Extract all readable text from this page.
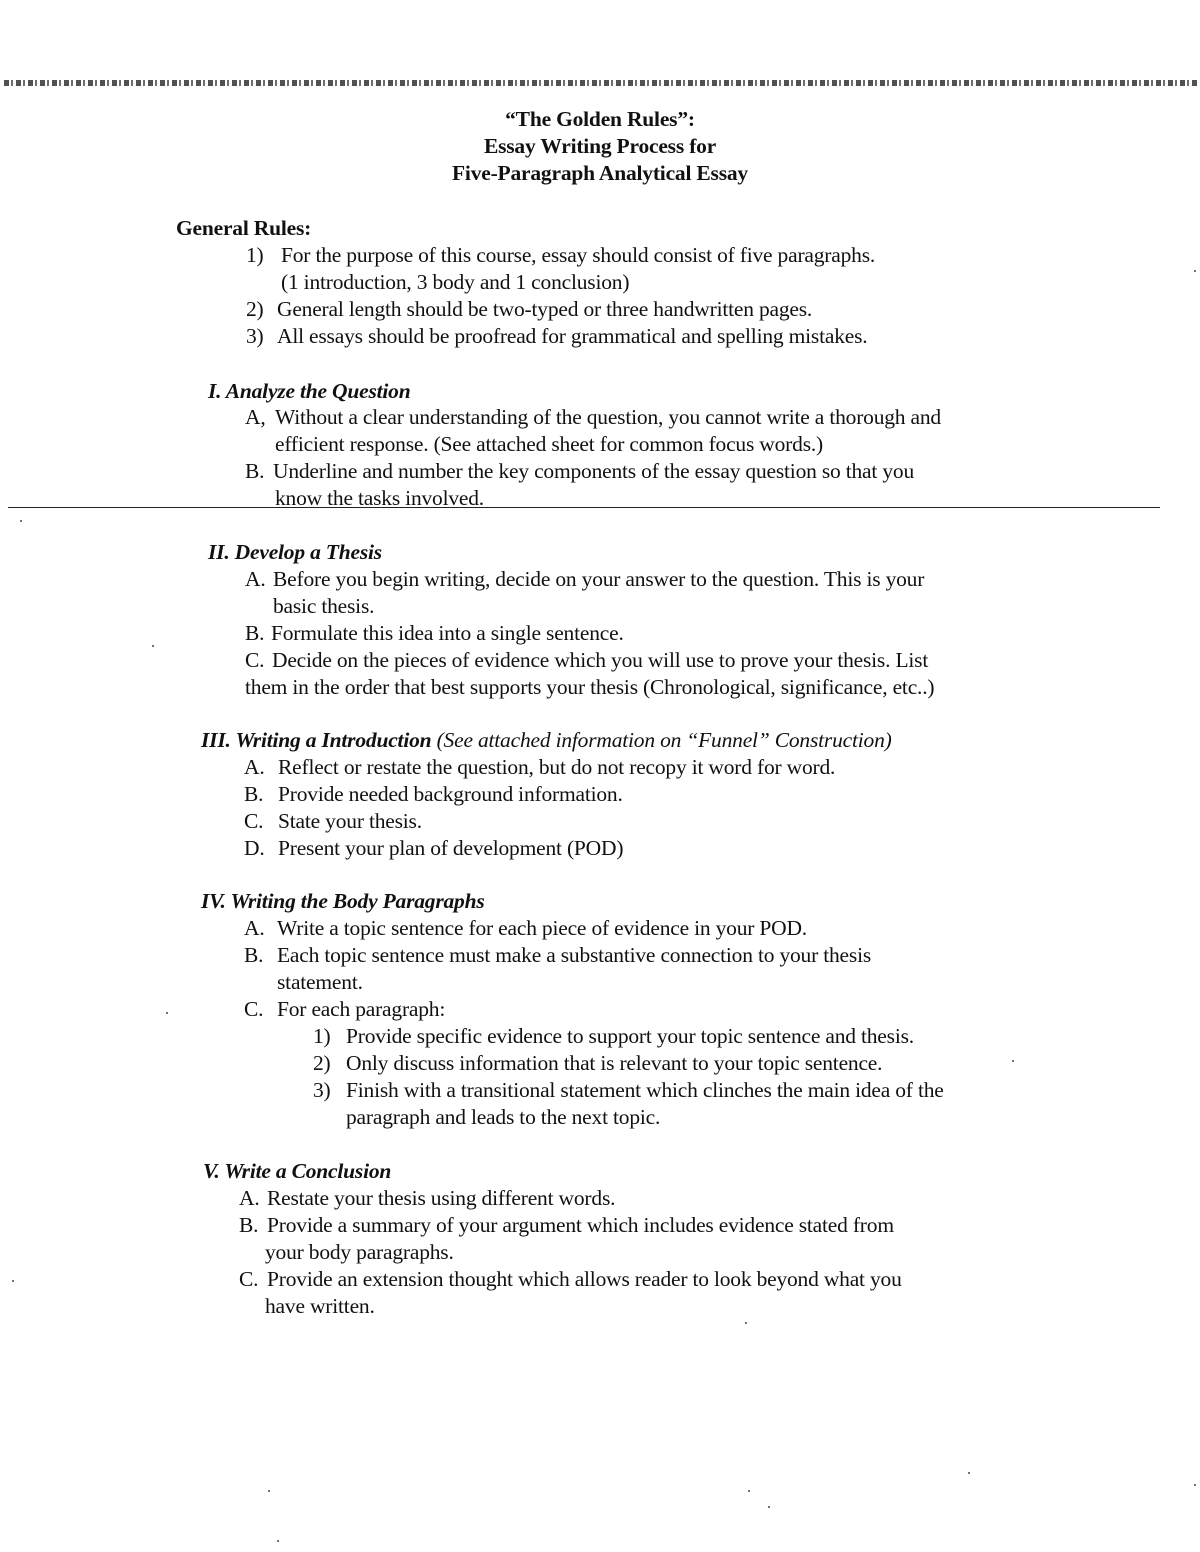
“The Golden Rules”:
Essay Writing Process for
Five-Paragraph Analytical Essay
General Rules:
1) For the purpose of this course, essay should consist of five paragraphs.
(1 introduction, 3 body and 1 conclusion)
2) General length should be two-typed or three handwritten pages.
3) All essays should be proofread for grammatical and spelling mistakes.
I. Analyze the Question
A, Without a clear understanding of the question, you cannot write a thorough and
efficient response. (See attached sheet for common focus words.)
B. Underline and number the key components of the essay question so that you
know the tasks involved.
II. Develop a Thesis
A. Before you begin writing, decide on your answer to the question. This is your
basic thesis.
B. Formulate this idea into a single sentence.
C. Decide on the pieces of evidence which you will use to prove your thesis. List
them in the order that best supports your thesis (Chronological, significance, etc..)
III. Writing a Introduction (See attached information on “Funnel” Construction)
A. Reflect or restate the question, but do not recopy it word for word.
B. Provide needed background information.
C. State your thesis.
D. Present your plan of development (POD)
IV. Writing the Body Paragraphs
A. Write a topic sentence for each piece of evidence in your POD.
B. Each topic sentence must make a substantive connection to your thesis
statement.
C. For each paragraph:
1) Provide specific evidence to support your topic sentence and thesis.
2) Only discuss information that is relevant to your topic sentence.
3) Finish with a transitional statement which clinches the main idea of the
paragraph and leads to the next topic.
V. Write a Conclusion
A. Restate your thesis using different words.
B. Provide a summary of your argument which includes evidence stated from
your body paragraphs.
C. Provide an extension thought which allows reader to look beyond what you
have written.
